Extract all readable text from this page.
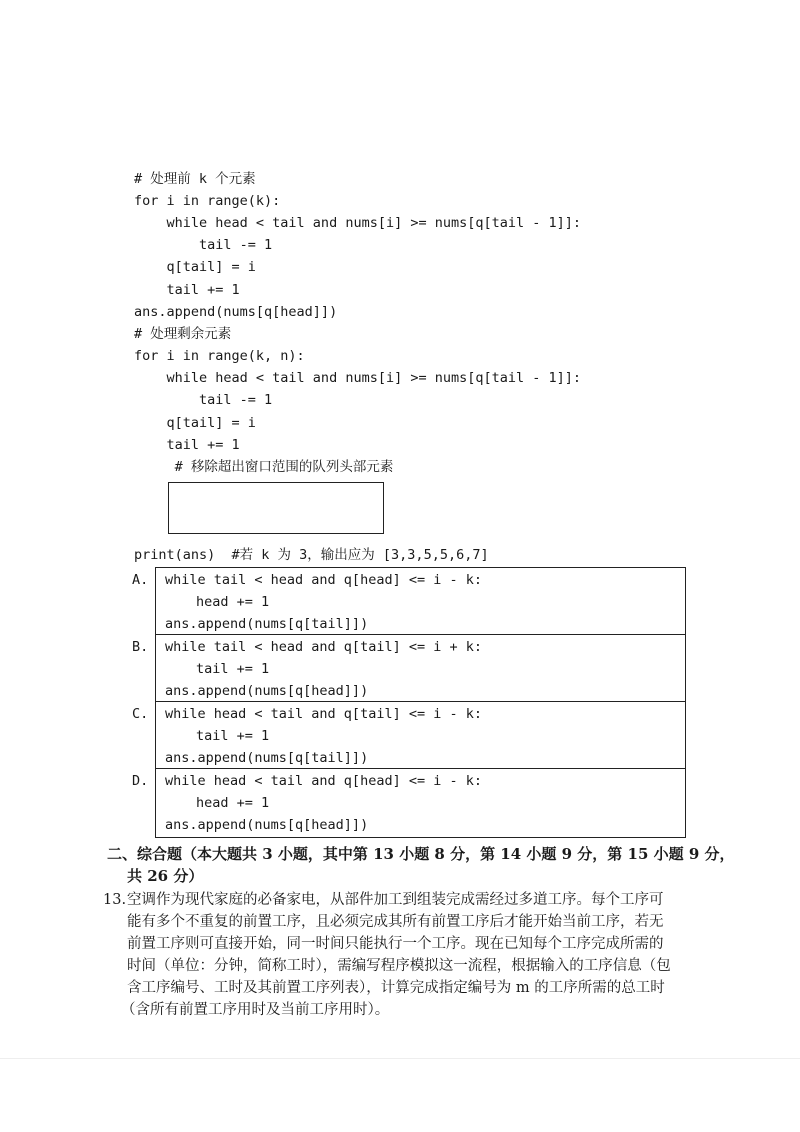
# 处理前 k 个元素
for i in range(k):
while head < tail and nums[i] >= nums[q[tail - 1]]:
tail -= 1
q[tail] = i
tail += 1
ans.append(nums[q[head]])
# 处理剩余元素
for i in range(k, n):
while head < tail and nums[i] >= nums[q[tail - 1]]:
tail -= 1
q[tail] = i
tail += 1
# 移除超出窗口范围的队列头部元素
print(ans)  #若 k 为 3，输出应为 [3,3,5,5,6,7]
A. while tail < head and q[head] <= i - k:
head += 1
ans.append(nums[q[tail]])
B. while tail < head and q[tail] <= i + k:
tail += 1
ans.append(nums[q[head]])
C. while head < tail and q[tail] <= i - k:
tail += 1
ans.append(nums[q[tail]])
D. while head < tail and q[head] <= i - k:
head += 1
ans.append(nums[q[head]])
二、综合题（本大题共 3 小题，其中第 13 小题 8 分，第 14 小题 9 分，第 15 小题 9 分，
共 26 分）
13. 空调作为现代家庭的必备家电，从部件加工到组装完成需经过多道工序。每个工序可
能有多个不重复的前置工序，且必须完成其所有前置工序后才能开始当前工序，若无
前置工序则可直接开始，同一时间只能执行一个工序。现在已知每个工序完成所需的
时间（单位：分钟，简称工时），需编写程序模拟这一流程，根据输入的工序信息（包
含工序编号、工时及其前置工序列表），计算完成指定编号为 m 的工序所需的总工时
（含所有前置工序用时及当前工序用时）。
